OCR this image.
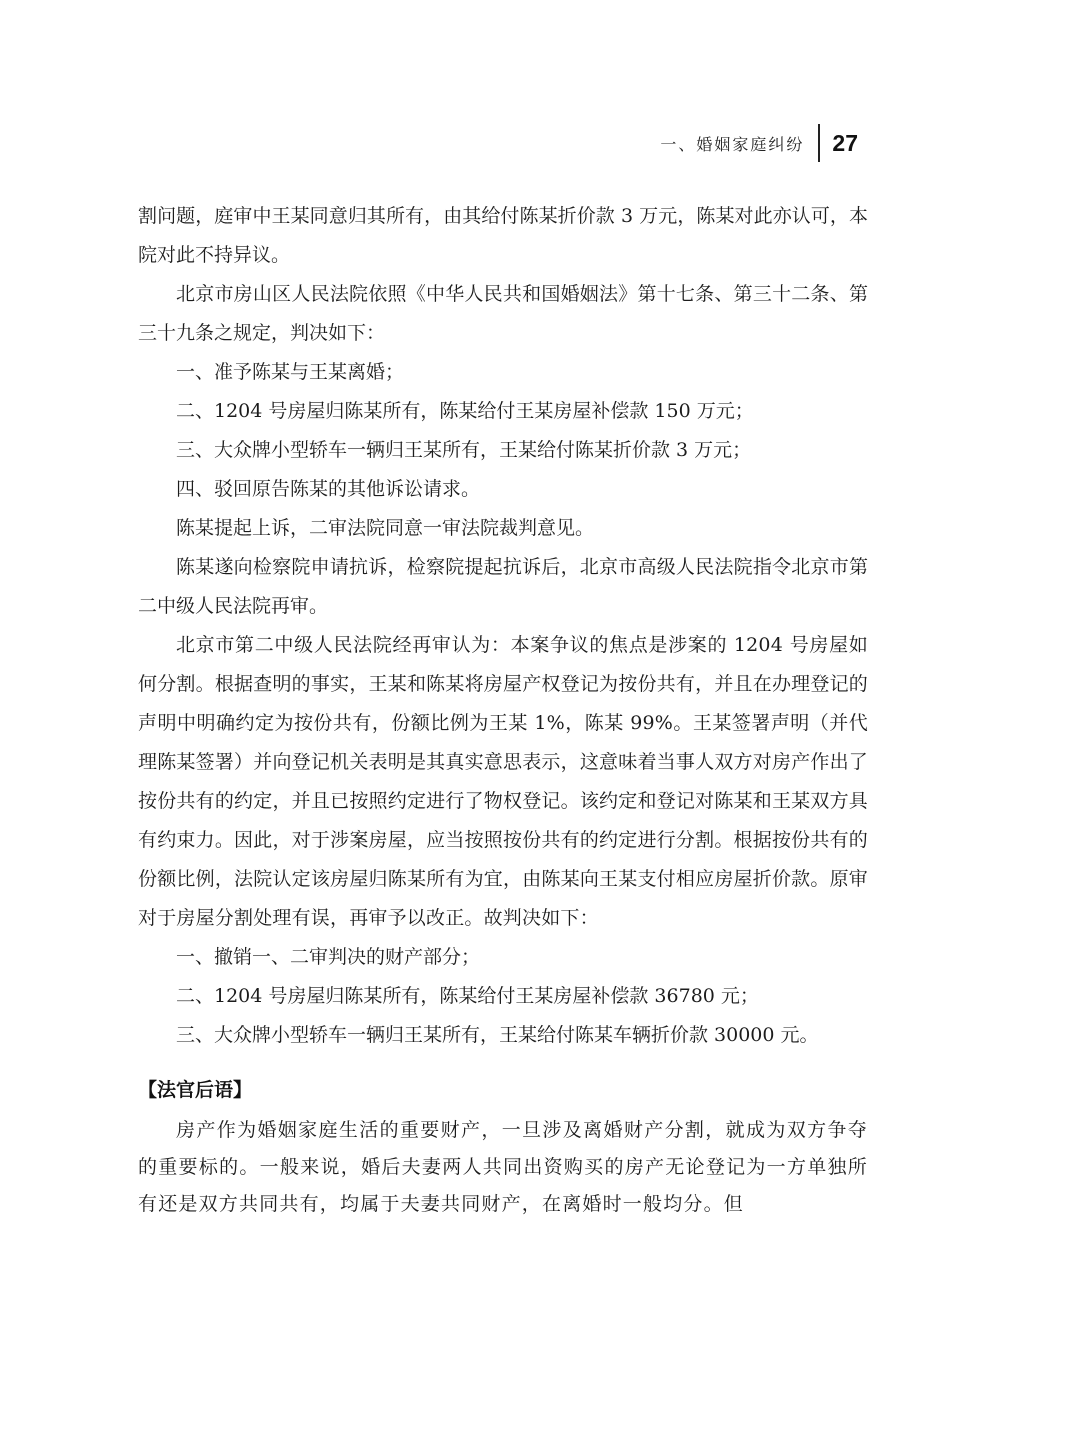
一、婚姻家庭纠纷	27

割问题，庭审中王某同意归其所有，由其给付陈某折价款 3 万元，陈某对此亦认可，本院对此不持异议。

北京市房山区人民法院依照《中华人民共和国婚姻法》第十七条、第三十二条、第三十九条之规定，判决如下：

一、准予陈某与王某离婚；

二、1204 号房屋归陈某所有，陈某给付王某房屋补偿款 150 万元；

三、大众牌小型轿车一辆归王某所有，王某给付陈某折价款 3 万元；

四、驳回原告陈某的其他诉讼请求。

陈某提起上诉，二审法院同意一审法院裁判意见。

陈某遂向检察院申请抗诉，检察院提起抗诉后，北京市高级人民法院指令北京市第二中级人民法院再审。

北京市第二中级人民法院经再审认为：本案争议的焦点是涉案的 1204 号房屋如何分割。根据查明的事实，王某和陈某将房屋产权登记为按份共有，并且在办理登记的声明中明确约定为按份共有，份额比例为王某 1%，陈某 99%。王某签署声明（并代理陈某签署）并向登记机关表明是其真实意思表示，这意味着当事人双方对房产作出了按份共有的约定，并且已按照约定进行了物权登记。该约定和登记对陈某和王某双方具有约束力。因此，对于涉案房屋，应当按照按份共有的约定进行分割。根据按份共有的份额比例，法院认定该房屋归陈某所有为宜，由陈某向王某支付相应房屋折价款。原审对于房屋分割处理有误，再审予以改正。故判决如下：

一、撤销一、二审判决的财产部分；

二、1204 号房屋归陈某所有，陈某给付王某房屋补偿款 36780 元；

三、大众牌小型轿车一辆归王某所有，王某给付陈某车辆折价款 30000 元。

【法官后语】

房产作为婚姻家庭生活的重要财产，一旦涉及离婚财产分割，就成为双方争夺的重要标的。一般来说，婚后夫妻两人共同出资购买的房产无论登记为一方单独所有还是双方共同共有，均属于夫妻共同财产，在离婚时一般均分。但
